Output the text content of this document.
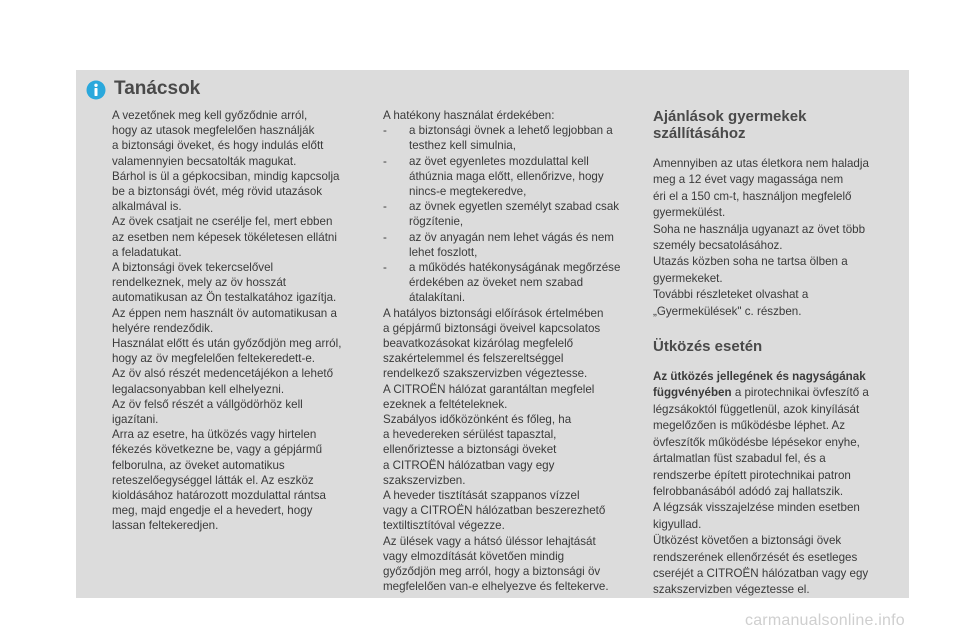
Tanácsok

A vezetőnek meg kell győződnie arról,

hogy az utasok megfelelően használják

a biztonsági öveket, és hogy indulás előtt

valamennyien becsatolták magukat.

Bárhol is ül a gépkocsiban, mindig kapcsolja

be a biztonsági övét, még rövid utazások

alkalmával is.

Az övek csatjait ne cserélje fel, mert ebben

az esetben nem képesek tökéletesen ellátni

a feladatukat.

A biztonsági övek tekercselővel

rendelkeznek, mely az öv hosszát

automatikusan az Ön testalkatához igazítja.

Az éppen nem használt öv automatikusan a

helyére rendeződik.

Használat előtt és után győződjön meg arról,

hogy az öv megfelelően feltekeredett-e.

Az öv alsó részét medencetájékon a lehető

legalacsonyabban kell elhelyezni.

Az öv felső részét a vállgödörhöz kell

igazítani.

Arra az esetre, ha ütközés vagy hirtelen

fékezés következne be, vagy a gépjármű

felborulna, az öveket automatikus

reteszelőegységgel látták el. Az eszköz

kioldásához határozott mozdulattal rántsa

meg, majd engedje el a hevedert, hogy

lassan feltekeredjen.

A hatékony használat érdekében:

-	a biztonsági övnek a lehető legjobban a

testhez kell simulnia,

-	az övet egyenletes mozdulattal kell

áthúznia maga előtt, ellenőrizve, hogy

nincs-e megtekeredve,

-	az övnek egyetlen személyt szabad csak

rögzítenie,

-	az öv anyagán nem lehet vágás és nem

lehet foszlott,

-	a működés hatékonyságának megőrzése

érdekében az öveket nem szabad

átalakítani.

A hatályos biztonsági előírások értelmében

a gépjármű biztonsági öveivel kapcsolatos

beavatkozásokat kizárólag megfelelő

szakértelemmel és felszereltséggel

rendelkező szakszervizben végeztesse.

A CITROËN hálózat garantáltan megfelel

ezeknek a feltételeknek.

Szabályos időközönként és főleg, ha

a hevedereken sérülést tapasztal,

ellenőriztesse a biztonsági öveket

a CITROËN hálózatban vagy egy

szakszervizben.

A heveder tisztítását szappanos vízzel

vagy a CITROËN hálózatban beszerezhető

textiltisztítóval végezze.

Az ülések vagy a hátsó üléssor lehajtását

vagy elmozdítását követően mindig

győződjön meg arról, hogy a biztonsági öv

megfelelően van-e elhelyezve és feltekerve.

Ajánlások gyermekek
szállításához

Amennyiben az utas életkora nem haladja

meg a 12 évet vagy magassága nem

éri el a 150 cm-t, használjon megfelelő

gyermekülést.

Soha ne használja ugyanazt az övet több

személy becsatolásához.

Utazás közben soha ne tartsa ölben a

gyermekeket.

További részleteket olvashat a

„Gyermekülések" c. részben.

Ütközés esetén

Az ütközés jellegének és nagyságának

függvényében a pirotechnikai övfeszítő a

légzsákoktól függetlenül, azok kinyílását

megelőzően is működésbe léphet. Az

övfeszítők működésbe lépésekor enyhe,

ártalmatlan füst szabadul fel, és a

rendszerbe épített pirotechnikai patron

felrobbanásából adódó zaj hallatszik.

A légzsák visszajelzése minden esetben

kigyullad.

Ütközést követően a biztonsági övek

rendszerének ellenőrzését és esetleges

cseréjét a CITROËN hálózatban vagy egy

szakszervizben végeztesse el.

carmanualsonline.info
